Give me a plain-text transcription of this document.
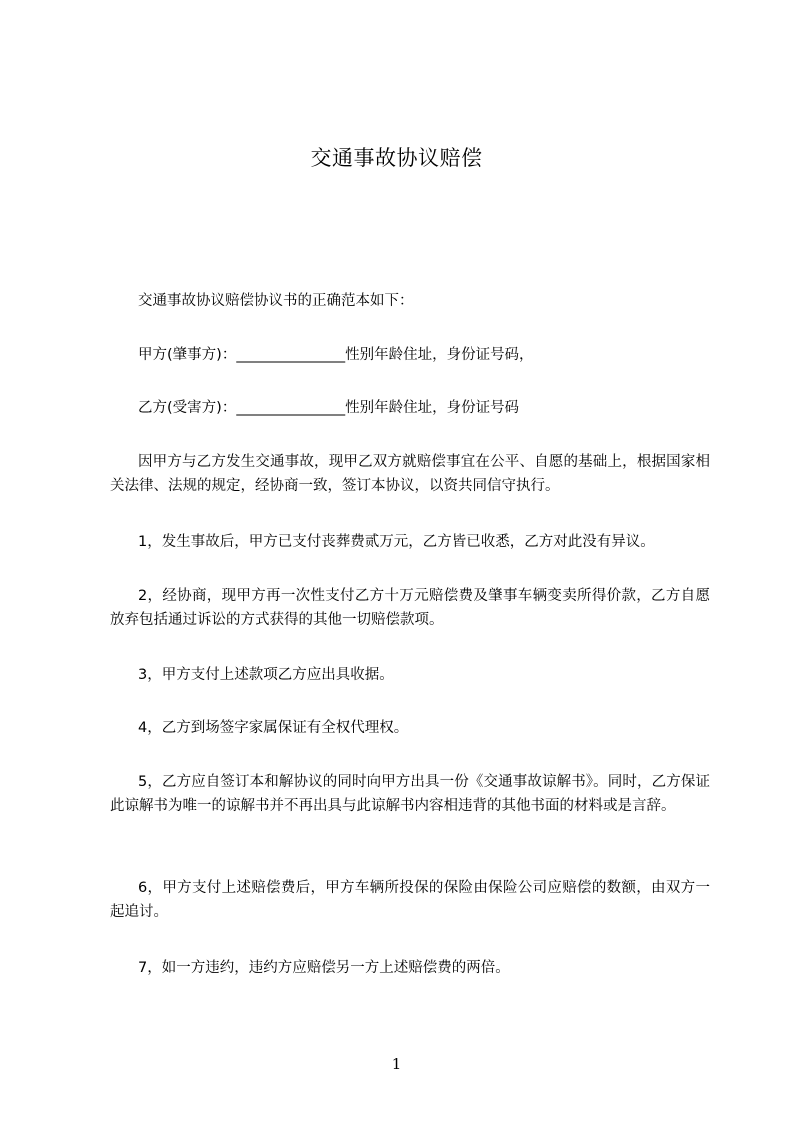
交通事故协议赔偿
交通事故协议赔偿协议书的正确范本如下：
甲方(肇事方)：_______________性别年龄住址，身份证号码，
乙方(受害方)：_______________性别年龄住址，身份证号码
因甲方与乙方发生交通事故，现甲乙双方就赔偿事宜在公平、自愿的基础上，根据国家相关法律、法规的规定，经协商一致，签订本协议，以资共同信守执行。
1，发生事故后，甲方已支付丧葬费贰万元，乙方皆已收悉，乙方对此没有异议。
2，经协商，现甲方再一次性支付乙方十万元赔偿费及肇事车辆变卖所得价款，乙方自愿放弃包括通过诉讼的方式获得的其他一切赔偿款项。
3，甲方支付上述款项乙方应出具收据。
4，乙方到场签字家属保证有全权代理权。
5，乙方应自签订本和解协议的同时向甲方出具一份《交通事故谅解书》。同时，乙方保证此谅解书为唯一的谅解书并不再出具与此谅解书内容相违背的其他书面的材料或是言辞。
6，甲方支付上述赔偿费后，甲方车辆所投保的保险由保险公司应赔偿的数额，由双方一起追讨。
7，如一方违约，违约方应赔偿另一方上述赔偿费的两倍。
1
